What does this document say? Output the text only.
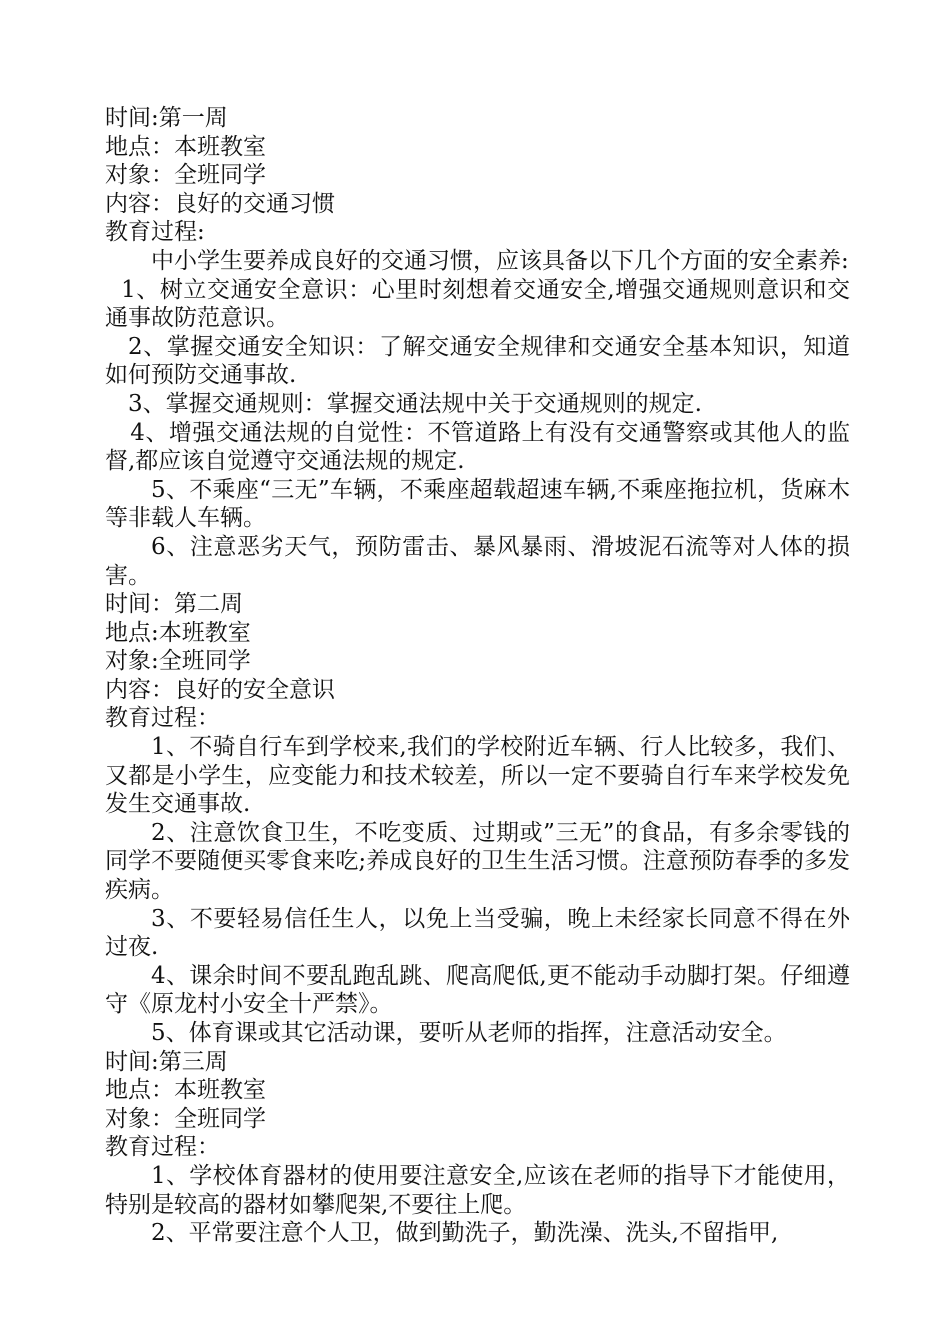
时间:第一周

地点：本班教室

对象：全班同学

内容：良好的交通习惯

教育过程:

中小学生要养成良好的交通习惯，应该具备以下几个方面的安全素养:

1、树立交通安全意识：心里时刻想着交通安全,增强交通规则意识和交通事故防范意识。

2、掌握交通安全知识：了解交通安全规律和交通安全基本知识，知道如何预防交通事故.

3、掌握交通规则：掌握交通法规中关于交通规则的规定.

4、增强交通法规的自觉性：不管道路上有没有交通警察或其他人的监督,都应该自觉遵守交通法规的规定.

5、不乘座“三无”车辆，不乘座超载超速车辆,不乘座拖拉机，货麻木等非载人车辆。

6、注意恶劣天气，预防雷击、暴风暴雨、滑坡泥石流等对人体的损害。

时间：第二周

地点:本班教室

对象:全班同学

内容：良好的安全意识

教育过程：

1、不骑自行车到学校来,我们的学校附近车辆、行人比较多，我们、又都是小学生，应变能力和技术较差，所以一定不要骑自行车来学校发免发生交通事故.

2、注意饮食卫生，不吃变质、过期或”三无”的食品，有多余零钱的同学不要随便买零食来吃;养成良好的卫生生活习惯。注意预防春季的多发疾病。

3、不要轻易信任生人，以免上当受骗，晚上未经家长同意不得在外过夜.

4、课余时间不要乱跑乱跳、爬高爬低,更不能动手动脚打架。仔细遵守《原龙村小安全十严禁》。

5、体育课或其它活动课，要听从老师的指挥，注意活动安全。

时间:第三周

地点：本班教室

对象：全班同学

教育过程：

1、学校体育器材的使用要注意安全,应该在老师的指导下才能使用，特别是较高的器材如攀爬架,不要往上爬。

2、平常要注意个人卫，做到勤洗子，勤洗澡、洗头,不留指甲,
